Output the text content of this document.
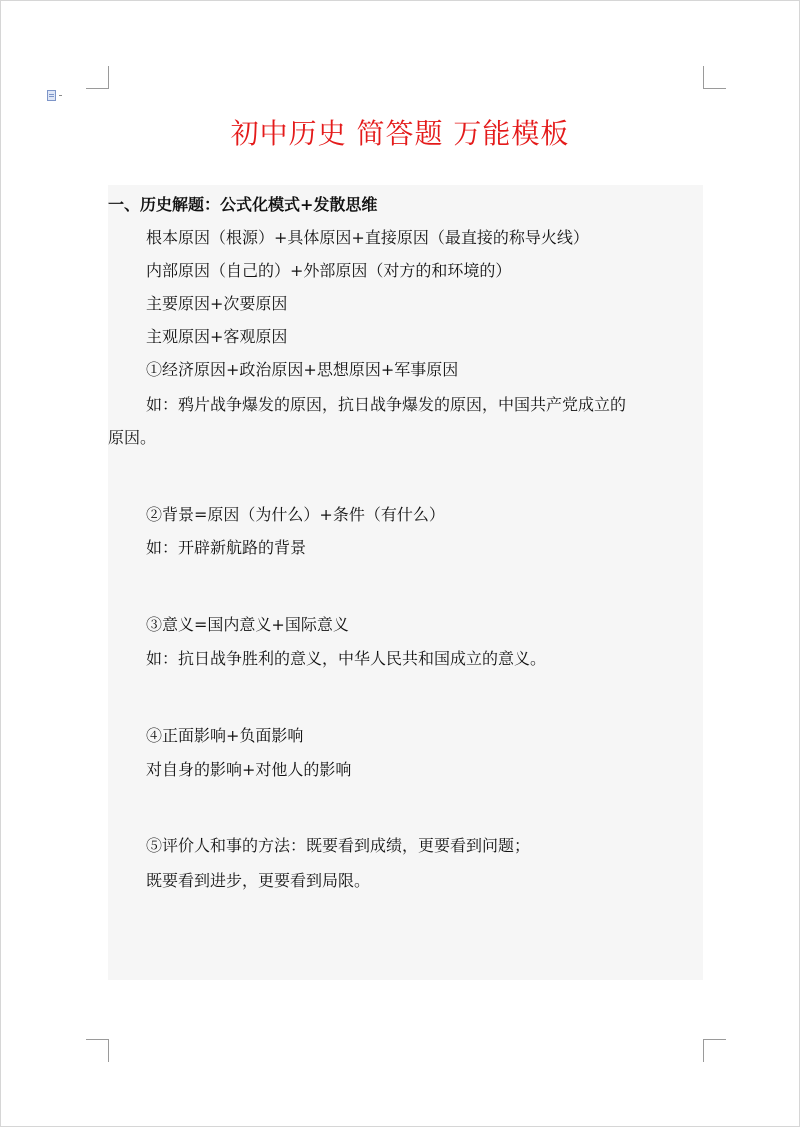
初中历史 简答题 万能模板
一、历史解题：公式化模式+发散思维
根本原因（根源）+具体原因+直接原因（最直接的称导火线）
内部原因（自己的）+外部原因（对方的和环境的）
主要原因+次要原因
主观原因+客观原因
①经济原因+政治原因+思想原因+军事原因
如：鸦片战争爆发的原因，抗日战争爆发的原因，中国共产党成立的
原因。
②背景=原因（为什么）+条件（有什么）
如：开辟新航路的背景
③意义=国内意义+国际意义
如：抗日战争胜利的意义，中华人民共和国成立的意义。
④正面影响+负面影响
对自身的影响+对他人的影响
⑤评价人和事的方法：既要看到成绩，更要看到问题；
既要看到进步，更要看到局限。
